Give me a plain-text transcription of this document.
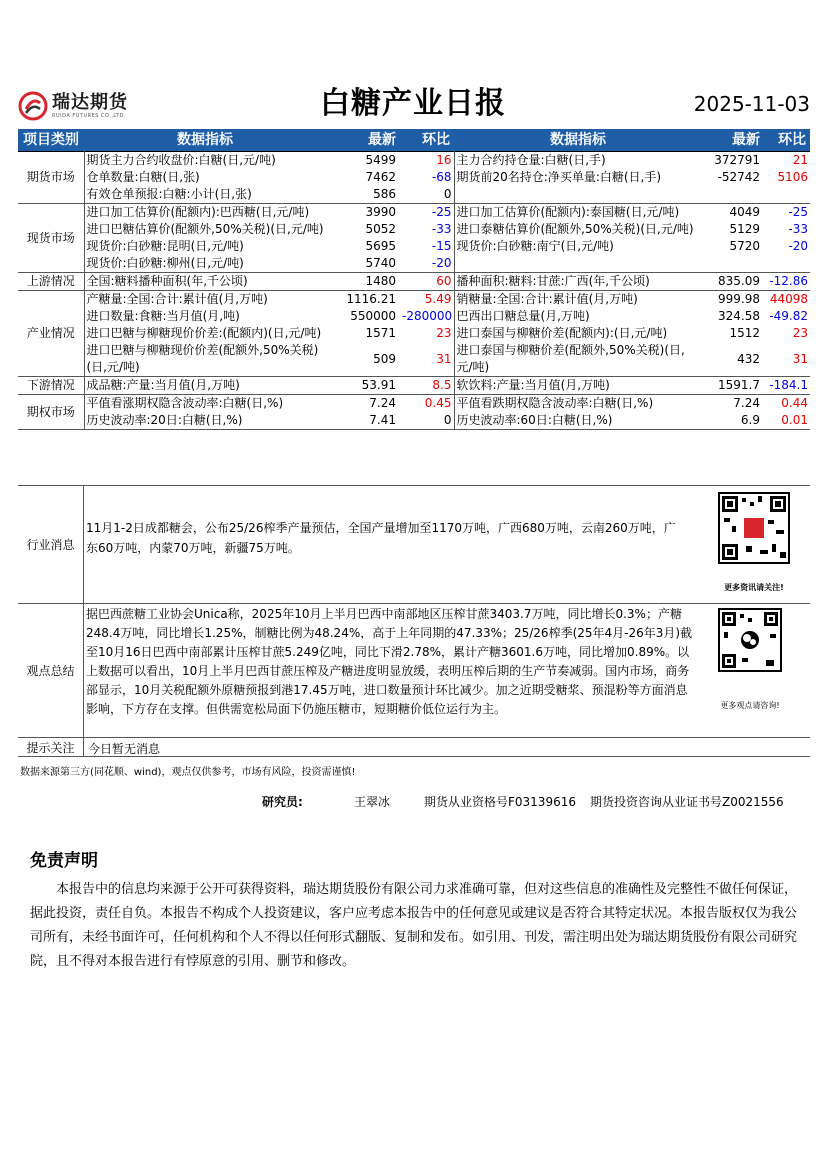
瑞达期货
RUIDA FUTURES CO.,LTD.	白糖产业日报	2025-11-03
项目类别	数据指标	最新	环比	数据指标	最新	环比
期货市场	期货主力合约收盘价:白糖(日,元/吨)	5499	16	主力合约持仓量:白糖(日,手)	372791	21
	仓单数量:白糖(日,张)	7462	-68	期货前20名持仓:净买单量:白糖(日,手)	-52742	5106
	有效仓单预报:白糖:小计(日,张)	586	0			
现货市场	进口加工估算价(配额内):巴西糖(日,元/吨)	3990	-25	进口加工估算价(配额内):泰国糖(日,元/吨)	4049	-25
	进口巴糖估算价(配额外,50%关税)(日,元/吨)	5052	-33	进口泰糖估算价(配额外,50%关税)(日,元/吨)	5129	-33
	现货价:白砂糖:昆明(日,元/吨)	5695	-15	现货价:白砂糖:南宁(日,元/吨)	5720	-20
	现货价:白砂糖:柳州(日,元/吨)	5740	-20			
上游情况	全国:糖料播种面积(年,千公顷)	1480	60	播种面积:糖料:甘蔗:广西(年,千公顷)	835.09	-12.86
产业情况	产糖量:全国:合计:累计值(月,万吨)	1116.21	5.49	销糖量:全国:合计:累计值(月,万吨)	999.98	44098
	进口数量:食糖:当月值(月,吨)	550000	-280000	巴西出口糖总量(月,万吨)	324.58	-49.82
	进口巴糖与柳糖现价价差:(配额内)(日,元/吨)	1571	23	进口泰国与柳糖价差(配额内):(日,元/吨)	1512	23
	进口巴糖与柳糖现价价差(配额外,50%关税)(日,元/吨)	509	31	进口泰国与柳糖价差(配额外,50%关税)(日,元/吨)	432	31
下游情况	成品糖:产量:当月值(月,万吨)	53.91	8.5	软饮料:产量:当月值(月,万吨)	1591.7	-184.1
期权市场	平值看涨期权隐含波动率:白糖(日,%)	7.24	0.45	平值看跌期权隐含波动率:白糖(日,%)	7.24	0.44
	历史波动率:20日:白糖(日,%)	7.41	0	历史波动率:60日:白糖(日,%)	6.9	0.01
行业消息
11月1-2日成都糖会，公布25/26榨季产量预估，全国产量增加至1170万吨，广西680万吨，云南260万吨，广东60万吨，内蒙70万吨，新疆75万吨。
更多资讯请关注!
观点总结
据巴西蔗糖工业协会Unica称，2025年10月上半月巴西中南部地区压榨甘蔗3403.7万吨，同比增长0.3%；产糖248.4万吨，同比增长1.25%，制糖比例为48.24%，高于上年同期的47.33%；25/26榨季(25年4月-26年3月)截至10月16日巴西中南部累计压榨甘蔗5.249亿吨，同比下滑2.78%，累计产糖3601.6万吨，同比增加0.89%。以上数据可以看出，10月上半月巴西甘蔗压榨及产糖进度明显放缓，表明压榨后期的生产节奏减弱。国内市场，商务部显示，10月关税配额外原糖预报到港17.45万吨，进口数量预计环比减少。加之近期受糖浆、预混粉等方面消息影响，下方存在支撑。但供需宽松局面下仍施压糖市，短期糖价低位运行为主。	更多观点请咨询!
提示关注	今日暂无消息
数据来源第三方(同花顺、wind)，观点仅供参考，市场有风险，投资需谨慎!
研究员:	王翠冰	期货从业资格号F03139616 期货投资咨询从业证书号Z0021556
免责声明
本报告中的信息均来源于公开可获得资料，瑞达期货股份有限公司力求准确可靠，但对这些信息的准确性及完整性不做任何保证，据此投资，责任自负。本报告不构成个人投资建议，客户应考虑本报告中的任何意见或建议是否符合其特定状况。本报告版权仅为我公司所有，未经书面许可，任何机构和个人不得以任何形式翻版、复制和发布。如引用、刊发，需注明出处为瑞达期货股份有限公司研究院，且不得对本报告进行有悖原意的引用、删节和修改。
